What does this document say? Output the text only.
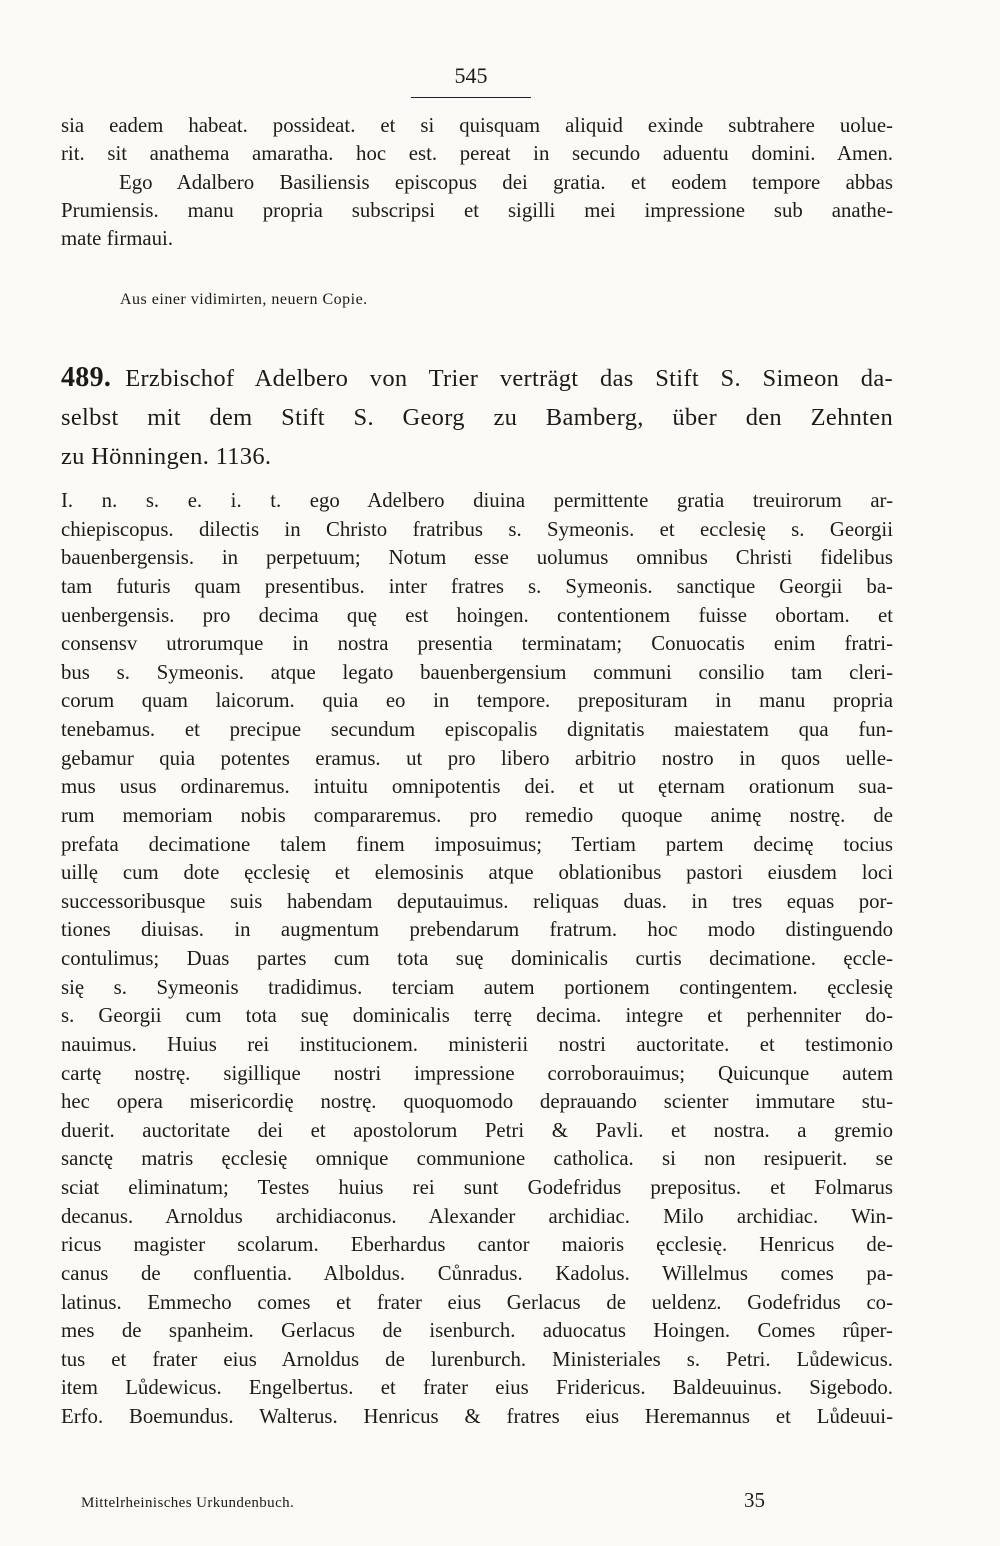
545

sia eadem habeat. possideat. et si quisquam aliquid exinde subtrahere uolue-

rit. sit anathema amaratha. hoc est. pereat in secundo aduentu domini. Amen.

Ego Adalbero Basiliensis episcopus dei gratia. et eodem tempore abbas

Prumiensis. manu propria subscripsi et sigilli mei impressione sub anathe-

mate firmaui.

Aus einer vidimirten, neuern Copie.

489. Erzbischof Adelbero von Trier verträgt das Stift S. Simeon da-

selbst mit dem Stift S. Georg zu Bamberg, über den Zehnten

zu Hönningen. 1136.

I. n. s. e. i. t. ego Adelbero diuina permittente gratia treuirorum ar-

chiepiscopus. dilectis in Christo fratribus s. Symeonis. et ecclesię s. Georgii

bauenbergensis. in perpetuum; Notum esse uolumus omnibus Christi fidelibus

tam futuris quam presentibus. inter fratres s. Symeonis. sanctique Georgii ba-

uenbergensis. pro decima quę est hoingen. contentionem fuisse obortam. et

consensv utrorumque in nostra presentia terminatam; Conuocatis enim fratri-

bus s. Symeonis. atque legato bauenbergensium communi consilio tam cleri-

corum quam laicorum. quia eo in tempore. preposituram in manu propria

tenebamus. et precipue secundum episcopalis dignitatis maiestatem qua fun-

gebamur quia potentes eramus. ut pro libero arbitrio nostro in quos uelle-

mus usus ordinaremus. intuitu omnipotentis dei. et ut ęternam orationum sua-

rum memoriam nobis compararemus. pro remedio quoque animę nostrę. de

prefata decimatione talem finem imposuimus; Tertiam partem decimę tocius

uillę cum dote ęcclesię et elemosinis atque oblationibus pastori eiusdem loci

successoribusque suis habendam deputauimus. reliquas duas. in tres equas por-

tiones diuisas. in augmentum prebendarum fratrum. hoc modo distinguendo

contulimus; Duas partes cum tota suę dominicalis curtis decimatione. ęccle-

się s. Symeonis tradidimus. terciam autem portionem contingentem. ęcclesię

s. Georgii cum tota suę dominicalis terrę decima. integre et perhenniter do-

nauimus. Huius rei institucionem. ministerii nostri auctoritate. et testimonio

cartę nostrę. sigillique nostri impressione corroborauimus; Quicunque autem

hec opera misericordię nostrę. quoquomodo deprauando scienter immutare stu-

duerit. auctoritate dei et apostolorum Petri & Pavli. et nostra. a gremio

sanctę matris ęcclesię omnique communione catholica. si non resipuerit. se

sciat eliminatum; Testes huius rei sunt Godefridus prepositus. et Folmarus

decanus. Arnoldus archidiaconus. Alexander archidiac. Milo archidiac. Win-

ricus magister scolarum. Eberhardus cantor maioris ęcclesię. Henricus de-

canus de confluentia. Alboldus. Cůnradus. Kadolus. Willelmus comes pa-

latinus. Emmecho comes et frater eius Gerlacus de ueldenz. Godefridus co-

mes de spanheim. Gerlacus de isenburch. aduocatus Hoingen. Comes rûper-

tus et frater eius Arnoldus de lurenburch. Ministeriales s. Petri. Lůdewicus.

item Lůdewicus. Engelbertus. et frater eius Fridericus. Baldeuuinus. Sigebodo.

Erfo. Boemundus. Walterus. Henricus & fratres eius Heremannus et Lůdeuui-

Mittelrheinisches Urkundenbuch.	35
